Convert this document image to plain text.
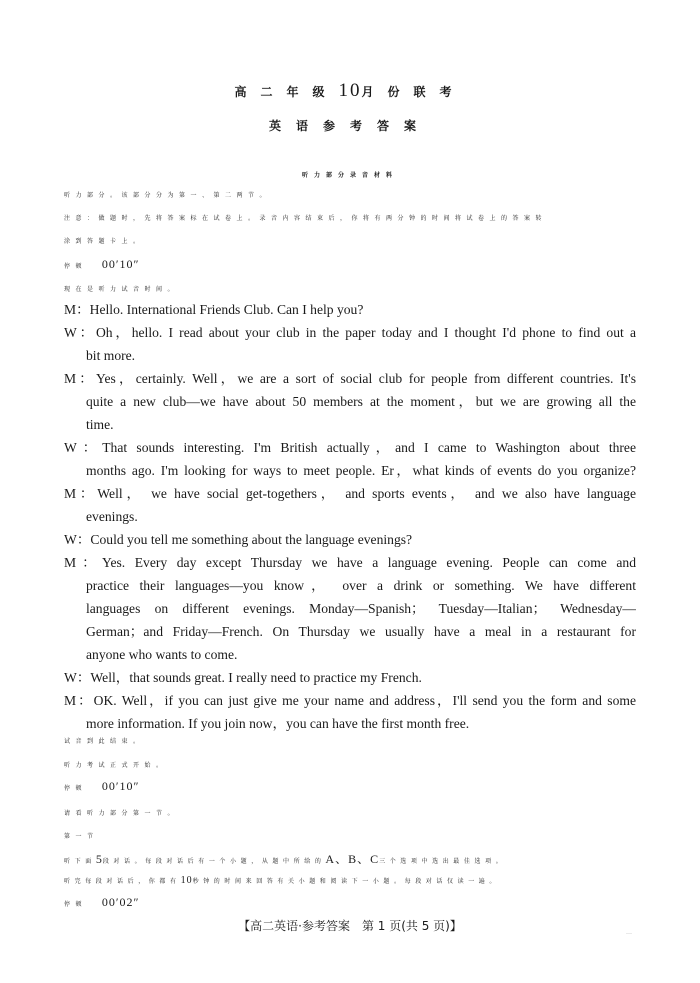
高二年级10月份联考
英语参考答案
听力部分录音材料
听力部分。该部分分为第一、第二两节。
注意：做题时，先将答案标在试卷上。录音内容结束后，你将有两分钟的时间将试卷上的答案转
涂到答题卡上。
停顿 00′10″
现在是听力试音时间。
M：Hello. International Friends Club. Can I help you?
W：Oh，hello. I read about your club in the paper today and I thought I'd phone to find out a
bit more.
M：Yes，certainly. Well，we are a sort of social club for people from different countries. It's
quite a new club—we have about 50 members at the moment，but we are growing all the
time.
W：That sounds interesting. I'm British actually，and I came to Washington about three
months ago. I'm looking for ways to meet people. Er，what kinds of events do you organize?
M：Well， we have social get-togethers， and sports events， and we also have language
evenings.
W：Could you tell me something about the language evenings?
M：Yes. Every day except Thursday we have a language evening. People can come and
practice their languages—you know， over a drink or something. We have different
languages on different evenings. Monday—Spanish； Tuesday—Italian； Wednesday—
German；and Friday—French. On Thursday we usually have a meal in a restaurant for
anyone who wants to come.
W：Well，that sounds great. I really need to practice my French.
M：OK. Well，if you can just give me your name and address，I'll send you the form and some
more information. If you join now，you can have the first month free.
试音到此结束。
听力考试正式开始。
停顿 00′10″
请看听力部分第一节。
第一节
听下面5段对话。每段对话后有一个小题，从题中所给的A、B、C三个选项中选出最佳选项。
听完每段对话后，你都有10秒钟的时间来回答有关小题和阅读下一小题。每段对话仅读一遍。
停顿 00′02″
【高二英语·参考答案　第 1 页(共 5 页)】	…
